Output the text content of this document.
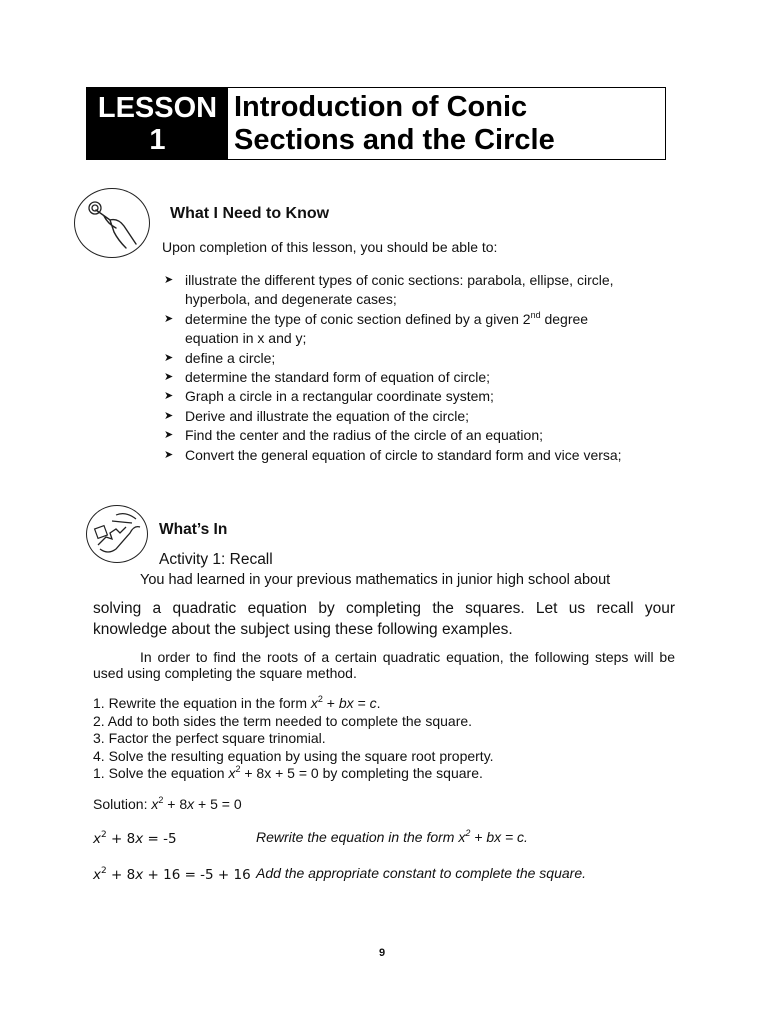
LESSON
1
Introduction of Conic
Sections and the Circle
What I Need to Know
Upon completion of this lesson, you should be able to:
➤ illustrate the different types of conic sections: parabola, ellipse, circle,
hyperbola, and degenerate cases;
➤ determine the type of conic section defined by a given 2nd degree
equation in x and y;
➤ define a circle;
➤ determine the standard form of equation of circle;
➤ Graph a circle in a rectangular coordinate system;
➤ Derive and illustrate the equation of the circle;
➤ Find the center and the radius of the circle of an equation;
➤ Convert the general equation of circle to standard form and vice versa;
What’s In
Activity 1: Recall
You had learned in your previous mathematics in junior high school about
solving a quadratic equation by completing the squares. Let us recall your knowledge about the subject using these following examples.
In order to find the roots of a certain quadratic equation, the following steps will be used using completing the square method.
1. Rewrite the equation in the form $x^2$ + bx = c.
2. Add to both sides the term needed to complete the square.
3. Factor the perfect square trinomial.
4. Solve the resulting equation by using the square root property.
1. Solve the equation $x^2 + 8x + 5 = 0$ by completing the square.
Solution: $x^2 + 8x + 5 = 0$
$x^2 + 8x = -5$	Rewrite the equation in the form $x^2$ + bx = c.
$x^2 + 8x + 16 = -5 + 16$ Add the appropriate constant to complete the square.
9
